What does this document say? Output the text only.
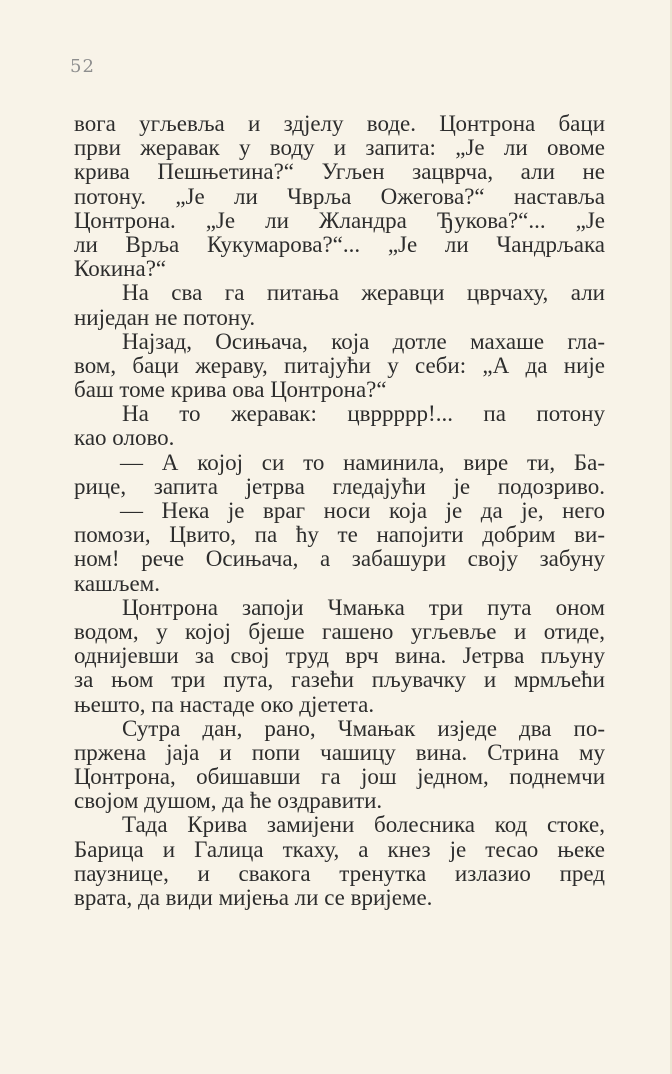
52
вога угљевља и здјелу воде. Цонтрона баци
први жеравак у воду и запита: „Је ли овоме
крива Пешњетина?“ Угљен зацврча, али не
потону. „Је ли Чврља Ожегова?“ наставља
Цонтрона. „Је ли Жландра Ђукова?“... „Је
ли Врља Кукумарова?“... „Је ли Чандрљака
Кокина?“
На сва га питања жеравци цврчаху, али
ниједан не потону.
Најзад, Осињача, која дотле махаше гла-
вом, баци жераву, питајући у себи: „А да није
баш томе крива ова Цонтрона?“
На то жеравак: цвррррр!... па потону
као олово.
— А којој си то наминила, вире ти, Ба-
рице, запита јетрва гледајући је подозриво.
— Нека је враг носи која је да је, него
помози, Цвито, па ћу те напојити добрим ви-
ном! рече Осињача, а забашури своју забуну
кашљем.
Цонтрона запоји Чмањка три пута оном
водом, у којој бјеше гашено угљевље и отиде,
однијевши за свој труд врч вина. Јетрва пљуну
за њом три пута, газећи пљувачку и мрмљећи
њешто, па настаде око дјетета.
Сутра дан, рано, Чмањак изједе два по-
пржена јаја и попи чашицу вина. Стрина му
Цонтрона, обишавши га још једном, поднемчи
својом душом, да ће оздравити.
Тада Крива замијени болесника код стоке,
Барица и Галица ткаху, а кнез је тесао њеке
паузнице, и свакога тренутка излазио пред
врата, да види мијења ли се вријеме.
